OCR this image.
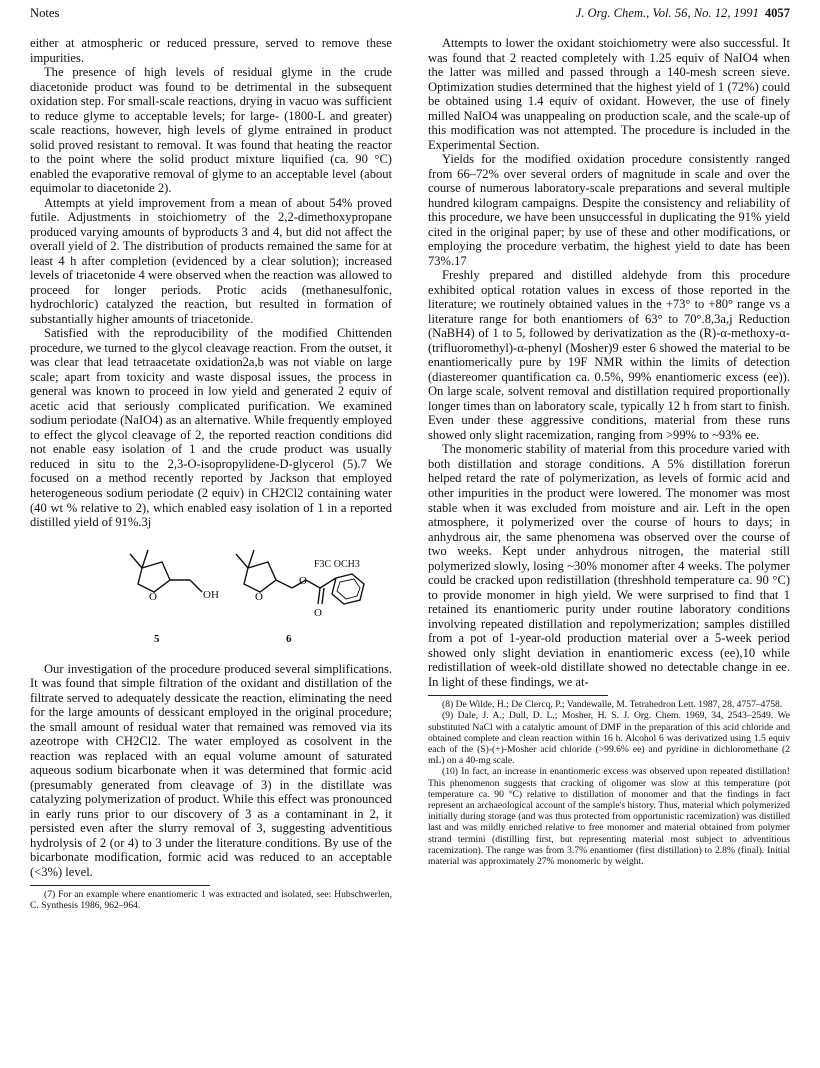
Notes	J. Org. Chem., Vol. 56, No. 12, 1991 4057

either at atmospheric or reduced pressure, served to remove these impurities.

The presence of high levels of residual glyme in the crude diacetonide product was found to be detrimental in the subsequent oxidation step. For small-scale reactions, drying in vacuo was sufficient to reduce glyme to acceptable levels; for large- (1800-L and greater) scale reactions, however, high levels of glyme entrained in product solid proved resistant to removal. It was found that heating the reactor to the point where the solid product mixture liquified (ca. 90 °C) enabled the evaporative removal of glyme to an acceptable level (about equimolar to diacetonide 2).

Attempts at yield improvement from a mean of about 54% proved futile. Adjustments in stoichiometry of the 2,2-dimethoxypropane produced varying amounts of byproducts 3 and 4, but did not affect the overall yield of 2. The distribution of products remained the same for at least 4 h after completion (evidenced by a clear solution); increased levels of triacetonide 4 were observed when the reaction was allowed to proceed for longer periods. Protic acids (methanesulfonic, hydrochloric) catalyzed the reaction, but resulted in formation of substantially higher amounts of triacetonide.

Satisfied with the reproducibility of the modified Chittenden procedure, we turned to the glycol cleavage reaction. From the outset, it was clear that lead tetraacetate oxidation2a,b was not viable on large scale; apart from toxicity and waste disposal issues, the process in general was known to proceed in low yield and generated 2 equiv of acetic acid that seriously complicated purification. We examined sodium periodate (NaIO4) as an alternative. While frequently employed to effect the glycol cleavage of 2, the reported reaction conditions did not enable easy isolation of 1 and the crude product was usually reduced in situ to the 2,3-O-isopropylidene-D-glycerol (5).7 We focused on a method recently reported by Jackson that employed heterogeneous sodium periodate (2 equiv) in CH2Cl2 containing water (40 wt % relative to 2), which enabled easy isolation of 1 in a reported distilled yield of 91%.3j

O	O
O
O
OH
F3C OCH3
5	6

Our investigation of the procedure produced several simplifications. It was found that simple filtration of the oxidant and distillation of the filtrate served to adequately dessicate the reaction, eliminating the need for the large amounts of dessicant employed in the original procedure; the small amount of residual water that remained was removed via its azeotrope with CH2Cl2. The water employed as cosolvent in the reaction was replaced with an equal volume amount of saturated aqueous sodium bicarbonate when it was determined that formic acid (presumably generated from cleavage of 3) in the distillate was catalyzing polymerization of product. While this effect was pronounced in early runs prior to our discovery of 3 as a contaminant in 2, it persisted even after the slurry removal of 3, suggesting adventitious hydrolysis of 2 (or 4) to 3 under the literature conditions. By use of the bicarbonate modification, formic acid was reduced to an acceptable (<3%) level.

(7) For an example where enantiomeric 1 was extracted and isolated, see: Hubschwerlen, C. Synthesis 1986, 962–964.

Attempts to lower the oxidant stoichiometry were also successful. It was found that 2 reacted completely with 1.25 equiv of NaIO4 when the latter was milled and passed through a 140-mesh screen sieve. Optimization studies determined that the highest yield of 1 (72%) could be obtained using 1.4 equiv of oxidant. However, the use of finely milled NaIO4 was unappealing on production scale, and the scale-up of this modification was not attempted. The procedure is included in the Experimental Section.

Yields for the modified oxidation procedure consistently ranged from 66–72% over several orders of magnitude in scale and over the course of numerous laboratory-scale preparations and several multiple hundred kilogram campaigns. Despite the consistency and reliability of this procedure, we have been unsuccessful in duplicating the 91% yield cited in the original paper; by use of these and other modifications, or employing the procedure verbatim, the highest yield to date has been 73%.17

Freshly prepared and distilled aldehyde from this procedure exhibited optical rotation values in excess of those reported in the literature; we routinely obtained values in the +73° to +80° range vs a literature range for both enantiomers of 63° to 70°.8,3a,j Reduction (NaBH4) of 1 to 5, followed by derivatization as the (R)-α-methoxy-α-(trifluoromethyl)-α-phenyl (Mosher)9 ester 6 showed the material to be enantiomerically pure by 19F NMR within the limits of detection (diastereomer quantification ca. 0.5%, 99% enantiomeric excess (ee)). On large scale, solvent removal and distillation required proportionally longer times than on laboratory scale, typically 12 h from start to finish. Even under these aggressive conditions, material from these runs showed only slight racemization, ranging from >99% to ~93% ee.

The monomeric stability of material from this procedure varied with both distillation and storage conditions. A 5% distillation forerun helped retard the rate of polymerization, as levels of formic acid and other impurities in the product were lowered. The monomer was most stable when it was excluded from moisture and air. Left in the open atmosphere, it polymerized over the course of hours to days; in anhydrous air, the same phenomena was observed over the course of two weeks. Kept under anhydrous nitrogen, the material still polymerized slowly, losing ~30% monomer after 4 weeks. The polymer could be cracked upon redistillation (threshhold temperature ca. 90 °C) to provide monomer in high yield. We were surprised to find that 1 retained its enantiomeric purity under routine laboratory conditions involving repeated distillation and repolymerization; samples distilled from a pot of 1-year-old production material over a 5-week period showed only slight deviation in enantiomeric excess (ee),10 while redistillation of week-old distillate showed no detectable change in ee. In light of these findings, we at-

(8) De Wilde, H.; De Clercq, P.; Vandewalle, M. Tetrahedron Lett. 1987, 28, 4757–4758.

(9) Dale, J. A.; Dull, D. L.; Mosher, H. S. J. Org. Chem. 1969, 34, 2543–2549. We substituted NaCl with a catalytic amount of DMF in the preparation of this acid chloride and obtained complete and clean reaction within 16 h. Alcohol 6 was derivatized using 1.5 equiv each of the (S)-(+)-Mosher acid chloride (>99.6% ee) and pyridine in dichloromethane (2 mL) on a 40-mg scale.

(10) In fact, an increase in enantiomeric excess was observed upon repeated distillation! This phenomenon suggests that cracking of oligomer was slow at this temperature (pot temperature ca. 90 °C) relative to distillation of monomer and that the findings in fact represent an archaeological account of the sample's history. Thus, material which polymerized initially during storage (and was thus protected from opportunistic racemization) was distilled last and was mildly enriched relative to free monomer and material obtained from polymer strand termini (distilling first, but representing material most subject to adventitious racemization). The range was from 3.7% enantiomer (first distillation) to 2.8% (final). Initial material was approximately 27% monomeric by weight.
